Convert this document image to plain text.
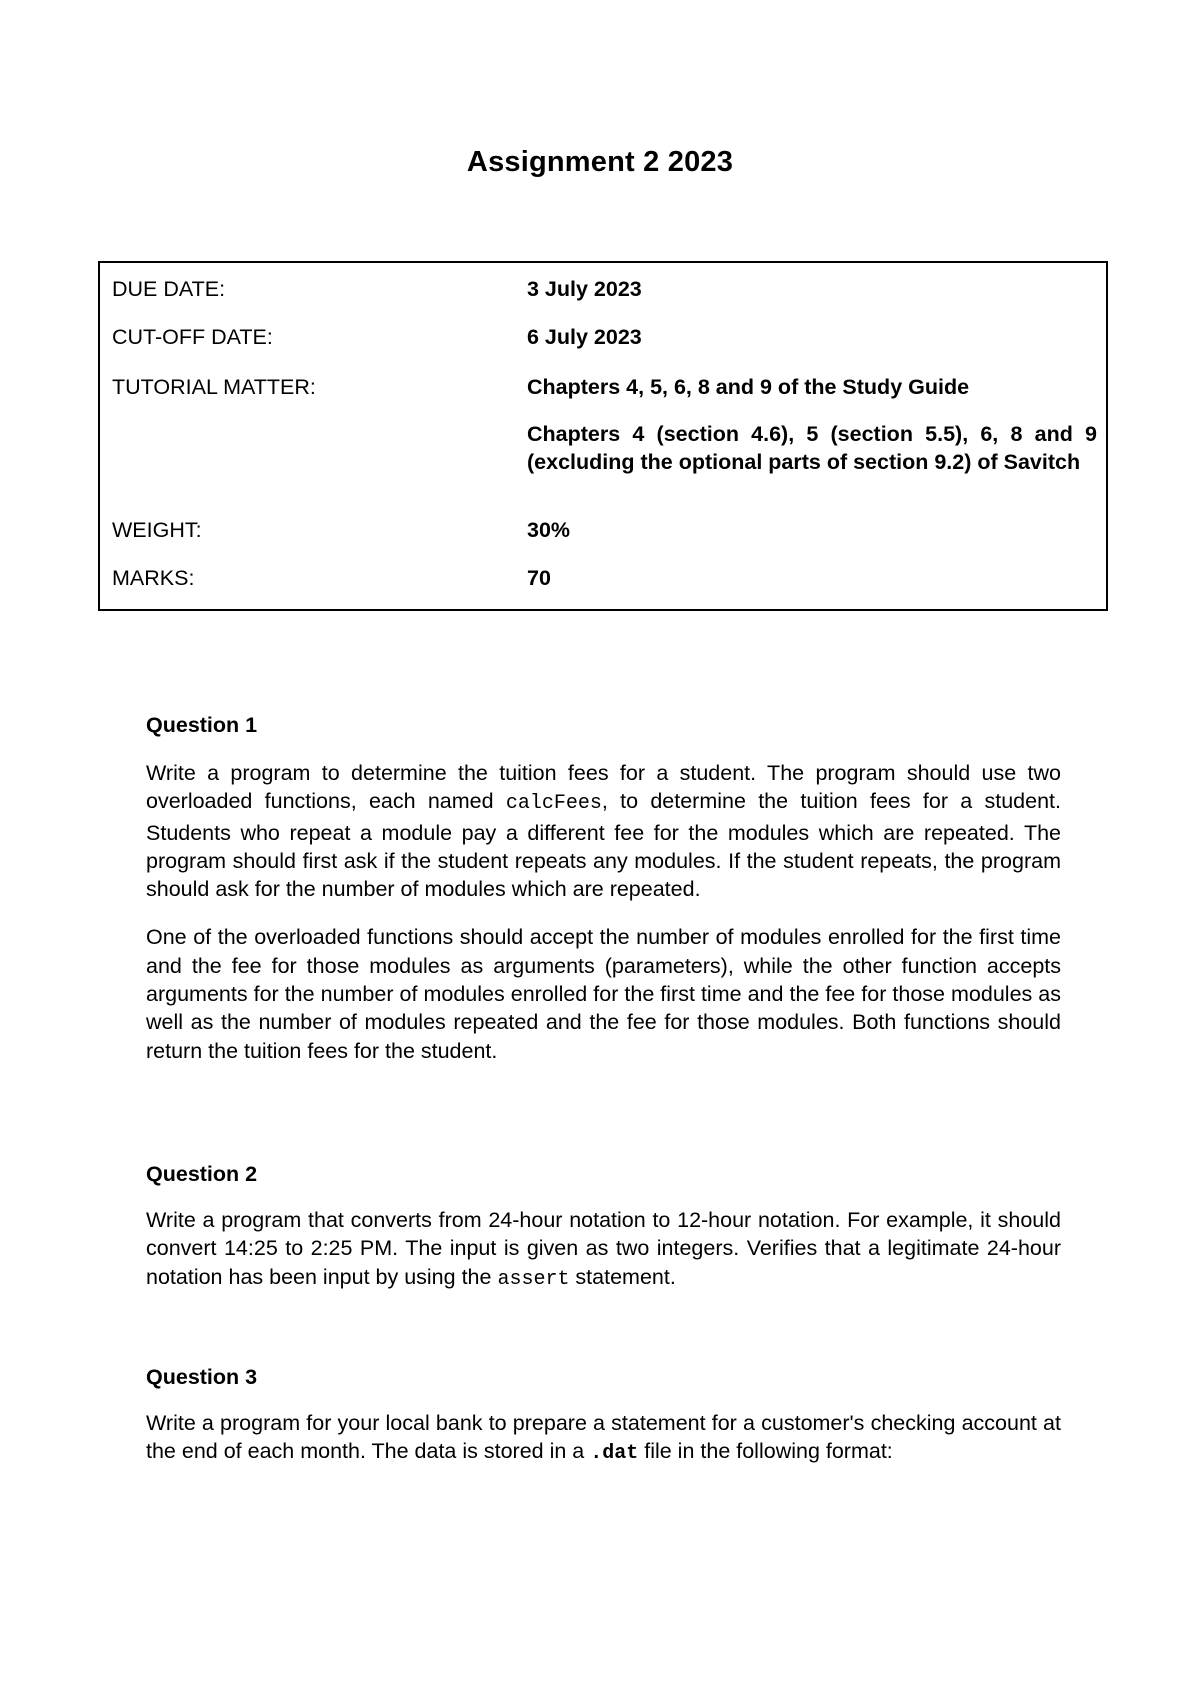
Assignment 2 2023
DUE DATE:	3 July 2023
CUT-OFF DATE:	6 July 2023
TUTORIAL MATTER:	Chapters 4, 5, 6, 8 and 9 of the Study Guide
Chapters 4 (section 4.6), 5 (section 5.5), 6, 8 and 9 (excluding the optional parts of section 9.2) of Savitch
WEIGHT:	30%
MARKS:	70
Question 1

Write a program to determine the tuition fees for a student. The program should use two overloaded functions, each named calcFees, to determine the tuition fees for a student. Students who repeat a module pay a different fee for the modules which are repeated. The program should first ask if the student repeats any modules. If the student repeats, the program should ask for the number of modules which are repeated.

One of the overloaded functions should accept the number of modules enrolled for the first time and the fee for those modules as arguments (parameters), while the other function accepts arguments for the number of modules enrolled for the first time and the fee for those modules as well as the number of modules repeated and the fee for those modules. Both functions should return the tuition fees for the student.

Question 2

Write a program that converts from 24-hour notation to 12-hour notation. For example, it should convert 14:25 to 2:25 PM. The input is given as two integers. Verifies that a legitimate 24-hour notation has been input by using the assert statement.

Question 3

Write a program for your local bank to prepare a statement for a customer's checking account at the end of each month. The data is stored in a .dat file in the following format:
